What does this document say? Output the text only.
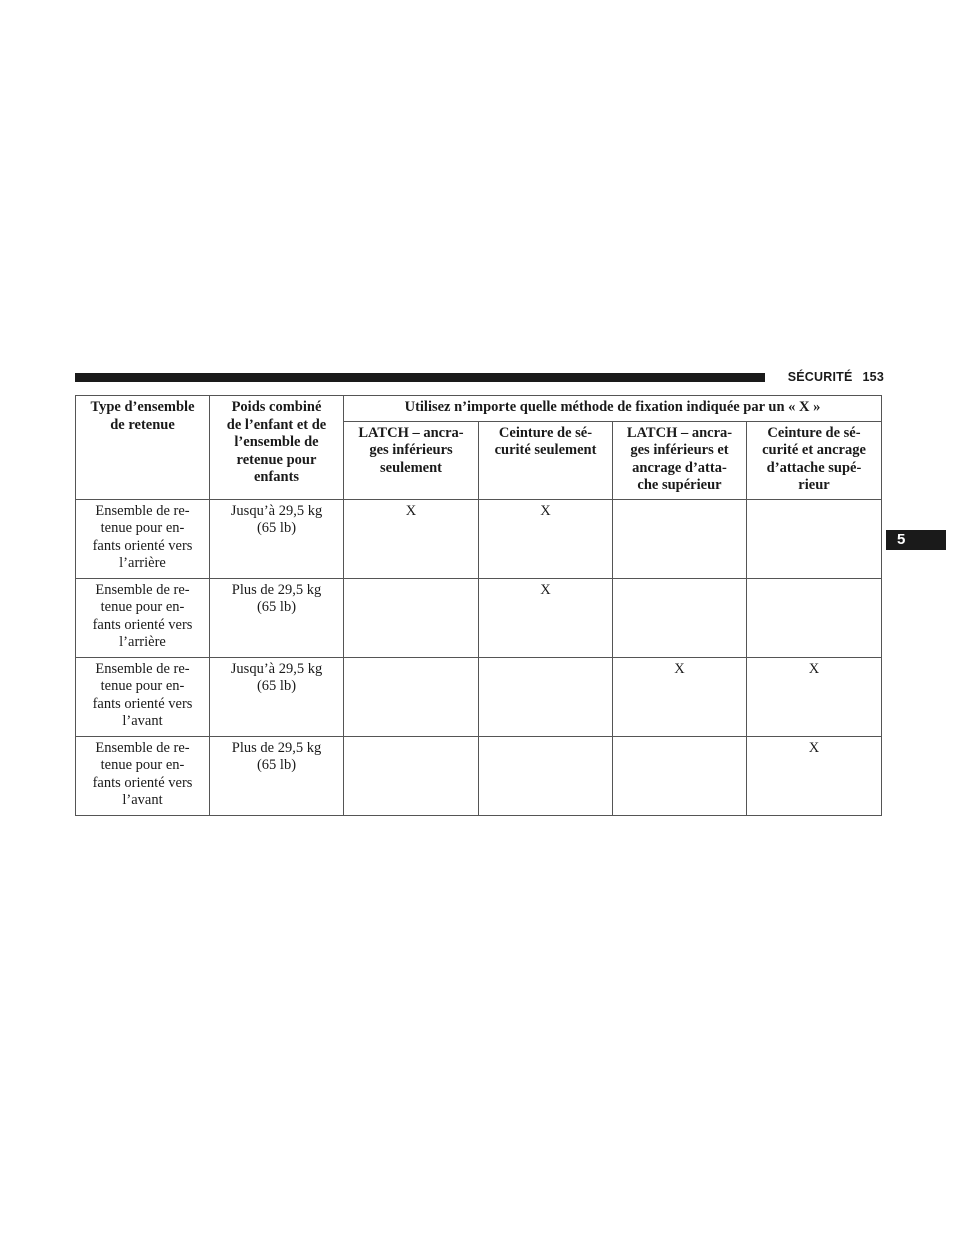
SÉCURITÉ 153
5
Type d’ensemble
de retenue	Poids combiné
de l’enfant et de
l’ensemble de
retenue pour
enfants	Utilisez n’importe quelle méthode de fixation indiquée par un « X »			
		LATCH – ancra-
ges inférieurs
seulement	Ceinture de sé-
curité seulement	LATCH – ancra-
ges inférieurs et
ancrage d’atta-
che supérieur	Ceinture de sé-
curité et ancrage
d’attache supé-
rieur
Ensemble de re-
tenue pour en-
fants orienté vers
l’arrière	Jusqu’à 29,5 kg
(65 lb)	X	X		
Ensemble de re-
tenue pour en-
fants orienté vers
l’arrière	Plus de 29,5 kg
(65 lb)		X		
Ensemble de re-
tenue pour en-
fants orienté vers
l’avant	Jusqu’à 29,5 kg
(65 lb)			X	X
Ensemble de re-
tenue pour en-
fants orienté vers
l’avant	Plus de 29,5 kg
(65 lb)				X
